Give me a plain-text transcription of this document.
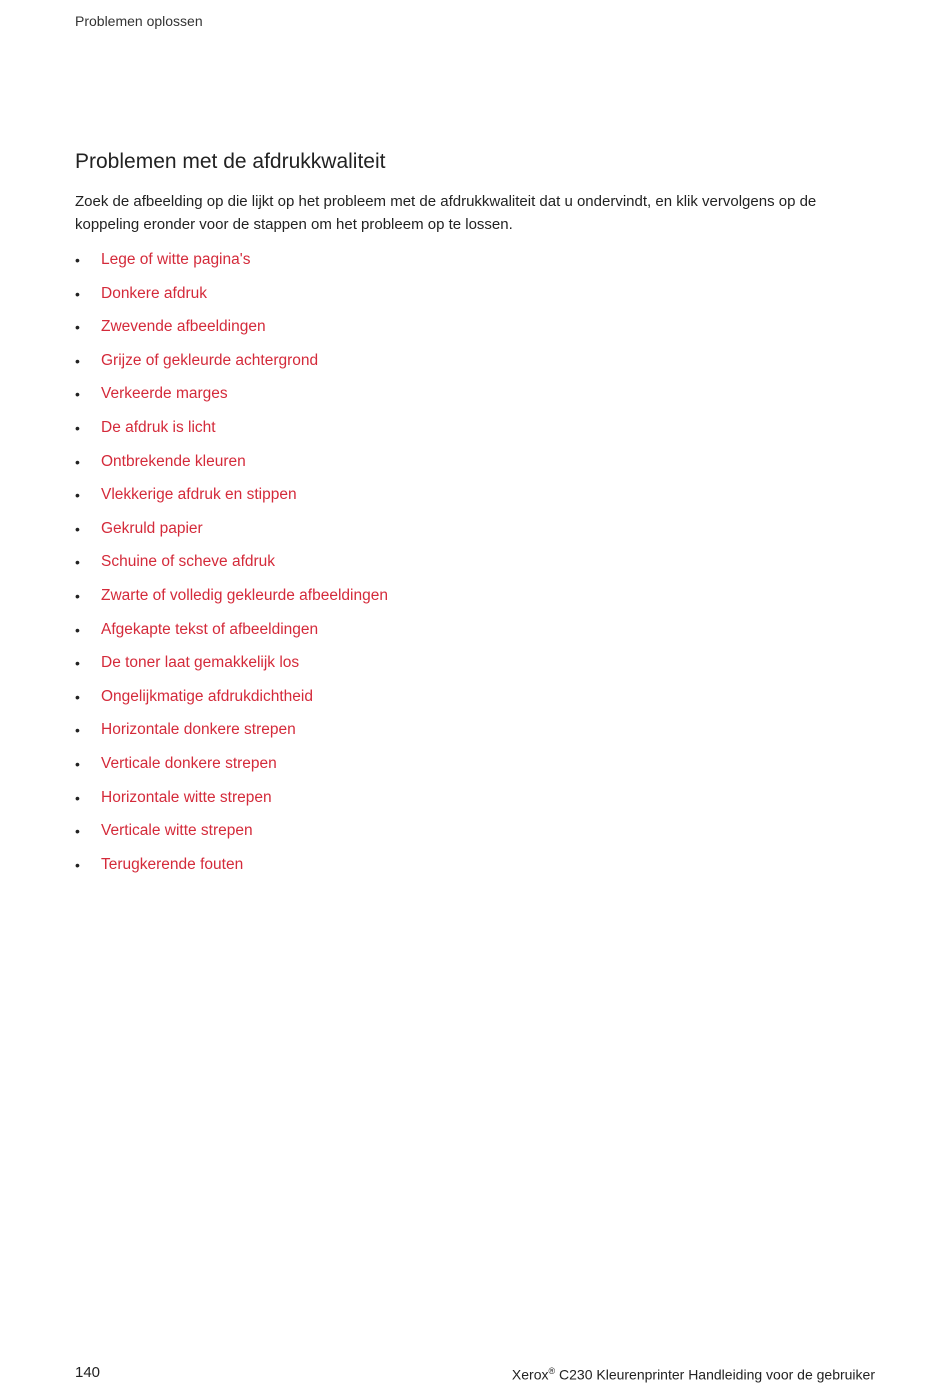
Problemen oplossen
Problemen met de afdrukkwaliteit

Zoek de afbeelding op die lijkt op het probleem met de afdrukkwaliteit dat u ondervindt, en klik vervolgens op de koppeling eronder voor de stappen om het probleem op te lossen.

•	Lege of witte pagina's
•	Donkere afdruk
•	Zwevende afbeeldingen
•	Grijze of gekleurde achtergrond
•	Verkeerde marges
•	De afdruk is licht
•	Ontbrekende kleuren
•	Vlekkerige afdruk en stippen
•	Gekruld papier
•	Schuine of scheve afdruk
•	Zwarte of volledig gekleurde afbeeldingen
•	Afgekapte tekst of afbeeldingen
•	De toner laat gemakkelijk los
•	Ongelijkmatige afdrukdichtheid
•	Horizontale donkere strepen
•	Verticale donkere strepen
•	Horizontale witte strepen
•	Verticale witte strepen
•	Terugkerende fouten
140	Xerox® C230 Kleurenprinter Handleiding voor de gebruiker
